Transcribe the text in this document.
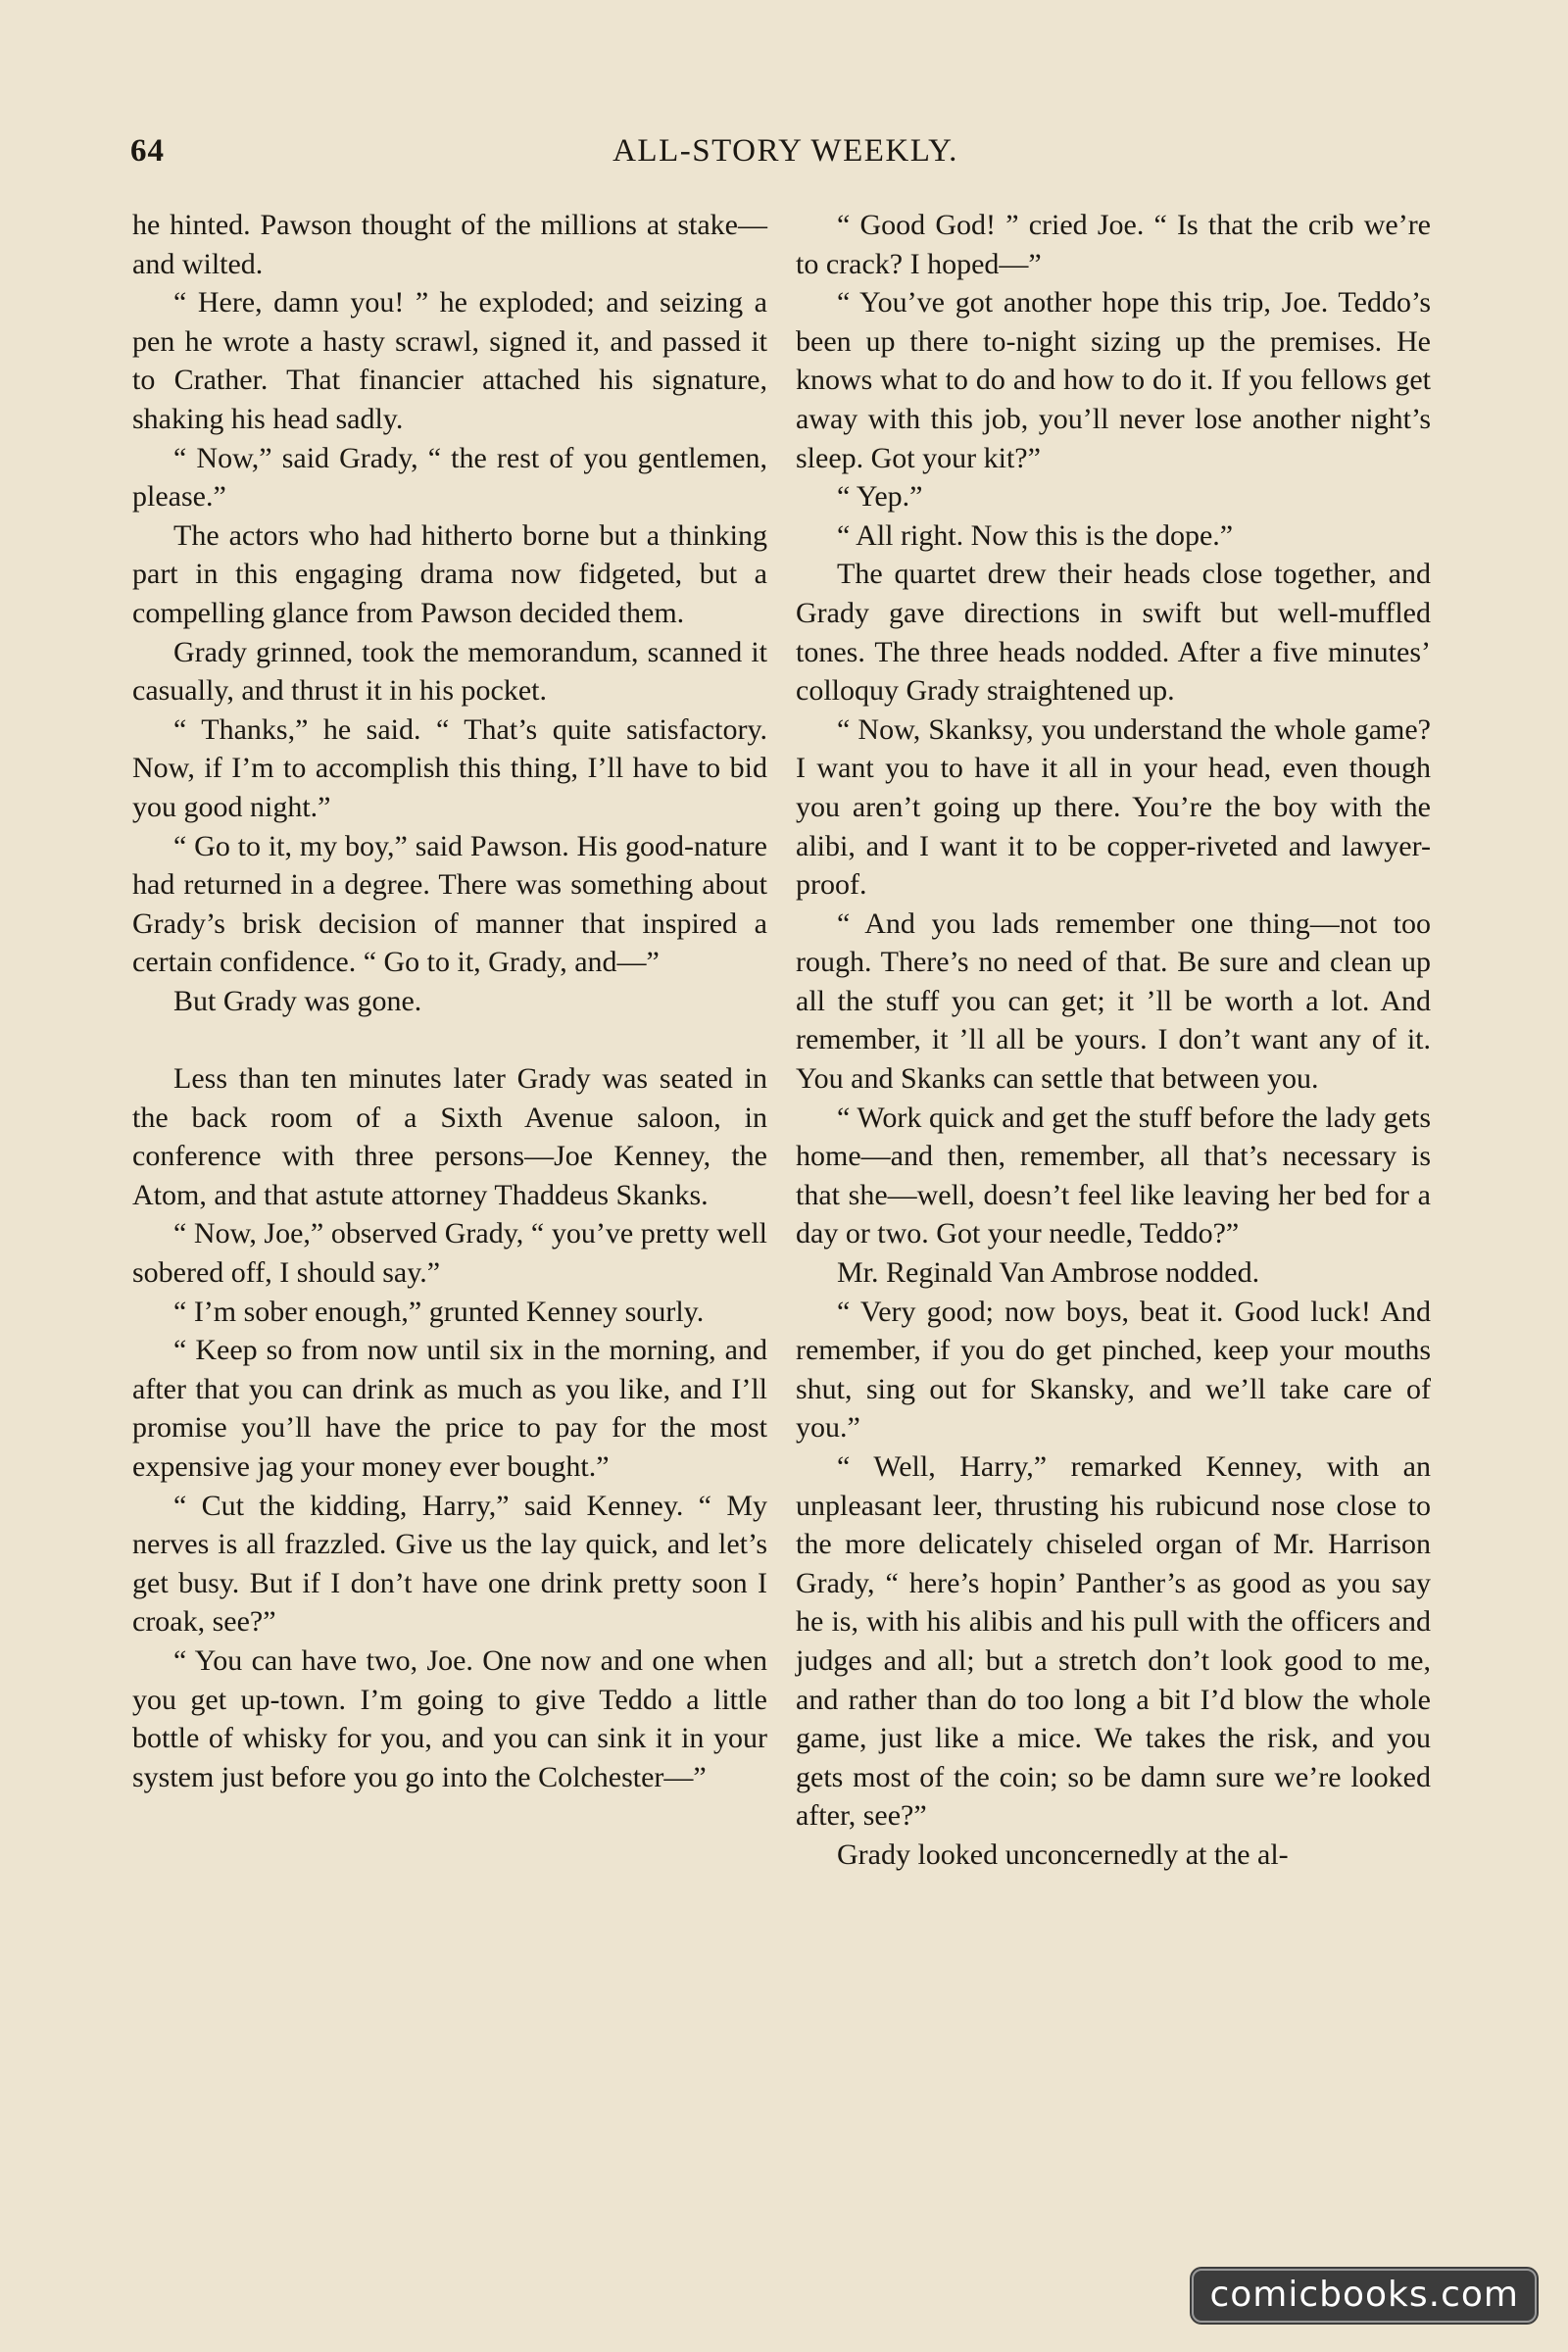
64	ALL-STORY WEEKLY.

he hinted. Pawson thought of the millions at stake—and wilted.

“ Here, damn you! ” he exploded; and seizing a pen he wrote a hasty scrawl, signed it, and passed it to Crather. That financier attached his signature, shaking his head sadly.

“ Now,” said Grady, “ the rest of you gentlemen, please.”

The actors who had hitherto borne but a thinking part in this engaging drama now fidgeted, but a compelling glance from Pawson decided them.

Grady grinned, took the memorandum, scanned it casually, and thrust it in his pocket.

“ Thanks,” he said. “ That’s quite satisfactory. Now, if I’m to accomplish this thing, I’ll have to bid you good night.”

“ Go to it, my boy,” said Pawson. His good-nature had returned in a degree. There was something about Grady’s brisk decision of manner that inspired a certain confidence. “ Go to it, Grady, and—”

But Grady was gone.

Less than ten minutes later Grady was seated in the back room of a Sixth Avenue saloon, in conference with three persons—Joe Kenney, the Atom, and that astute attorney Thaddeus Skanks.

“ Now, Joe,” observed Grady, “ you’ve pretty well sobered off, I should say.”

“ I’m sober enough,” grunted Kenney sourly.

“ Keep so from now until six in the morning, and after that you can drink as much as you like, and I’ll promise you’ll have the price to pay for the most expensive jag your money ever bought.”

“ Cut the kidding, Harry,” said Kenney. “ My nerves is all frazzled. Give us the lay quick, and let’s get busy. But if I don’t have one drink pretty soon I croak, see?”

“ You can have two, Joe. One now and one when you get up-town. I’m going to give Teddo a little bottle of whisky for you, and you can sink it in your system just before you go into the Colchester—”

“ Good God! ” cried Joe. “ Is that the crib we’re to crack? I hoped—”

“ You’ve got another hope this trip, Joe. Teddo’s been up there to-night sizing up the premises. He knows what to do and how to do it. If you fellows get away with this job, you’ll never lose another night’s sleep. Got your kit?”

“ Yep.”

“ All right. Now this is the dope.”

The quartet drew their heads close together, and Grady gave directions in swift but well-muffled tones. The three heads nodded. After a five minutes’ colloquy Grady straightened up.

“ Now, Skanksy, you understand the whole game? I want you to have it all in your head, even though you aren’t going up there. You’re the boy with the alibi, and I want it to be copper-riveted and lawyer-proof.

“ And you lads remember one thing—not too rough. There’s no need of that. Be sure and clean up all the stuff you can get; it ’ll be worth a lot. And remember, it ’ll all be yours. I don’t want any of it. You and Skanks can settle that between you.

“ Work quick and get the stuff before the lady gets home—and then, remember, all that’s necessary is that she—well, doesn’t feel like leaving her bed for a day or two. Got your needle, Teddo?”

Mr. Reginald Van Ambrose nodded.

“ Very good; now boys, beat it. Good luck! And remember, if you do get pinched, keep your mouths shut, sing out for Skansky, and we’ll take care of you.”

“ Well, Harry,” remarked Kenney, with an unpleasant leer, thrusting his rubicund nose close to the more delicately chiseled organ of Mr. Harrison Grady, “ here’s hopin’ Panther’s as good as you say he is, with his alibis and his pull with the officers and judges and all; but a stretch don’t look good to me, and rather than do too long a bit I’d blow the whole game, just like a mice. We takes the risk, and you gets most of the coin; so be damn sure we’re looked after, see?”

Grady looked unconcernedly at the al-

comicbooks.com
